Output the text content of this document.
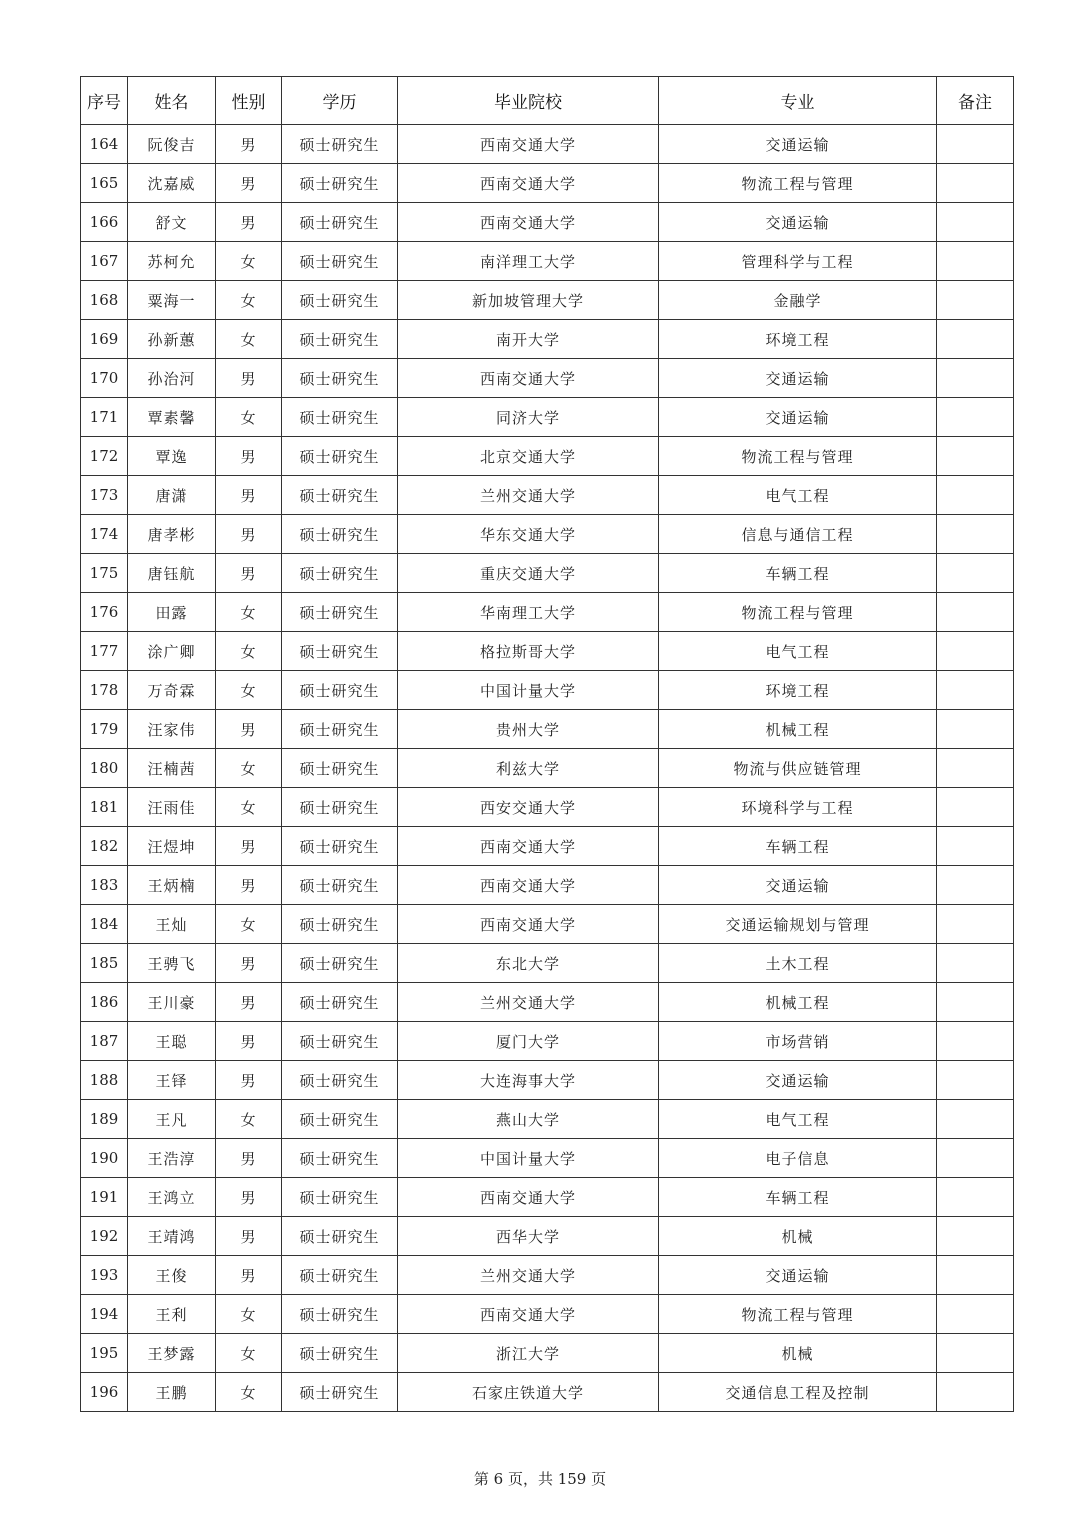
序号	姓名	性别	学历	毕业院校	专业	备注
164	阮俊吉	男	硕士研究生	西南交通大学	交通运输	
165	沈嘉威	男	硕士研究生	西南交通大学	物流工程与管理	
166	舒文	男	硕士研究生	西南交通大学	交通运输	
167	苏柯允	女	硕士研究生	南洋理工大学	管理科学与工程	
168	粟海一	女	硕士研究生	新加坡管理大学	金融学	
169	孙新蕙	女	硕士研究生	南开大学	环境工程	
170	孙治河	男	硕士研究生	西南交通大学	交通运输	
171	覃素馨	女	硕士研究生	同济大学	交通运输	
172	覃逸	男	硕士研究生	北京交通大学	物流工程与管理	
173	唐潇	男	硕士研究生	兰州交通大学	电气工程	
174	唐孝彬	男	硕士研究生	华东交通大学	信息与通信工程	
175	唐钰航	男	硕士研究生	重庆交通大学	车辆工程	
176	田露	女	硕士研究生	华南理工大学	物流工程与管理	
177	涂广卿	女	硕士研究生	格拉斯哥大学	电气工程	
178	万奇霖	女	硕士研究生	中国计量大学	环境工程	
179	汪家伟	男	硕士研究生	贵州大学	机械工程	
180	汪楠茜	女	硕士研究生	利兹大学	物流与供应链管理	
181	汪雨佳	女	硕士研究生	西安交通大学	环境科学与工程	
182	汪煜坤	男	硕士研究生	西南交通大学	车辆工程	
183	王炳楠	男	硕士研究生	西南交通大学	交通运输	
184	王灿	女	硕士研究生	西南交通大学	交通运输规划与管理	
185	王骋飞	男	硕士研究生	东北大学	土木工程	
186	王川豪	男	硕士研究生	兰州交通大学	机械工程	
187	王聪	男	硕士研究生	厦门大学	市场营销	
188	王铎	男	硕士研究生	大连海事大学	交通运输	
189	王凡	女	硕士研究生	燕山大学	电气工程	
190	王浩淳	男	硕士研究生	中国计量大学	电子信息	
191	王鸿立	男	硕士研究生	西南交通大学	车辆工程	
192	王靖鸿	男	硕士研究生	西华大学	机械	
193	王俊	男	硕士研究生	兰州交通大学	交通运输	
194	王利	女	硕士研究生	西南交通大学	物流工程与管理	
195	王梦露	女	硕士研究生	浙江大学	机械	
196	王鹏	女	硕士研究生	石家庄铁道大学	交通信息工程及控制	
第 6 页，共 159 页
